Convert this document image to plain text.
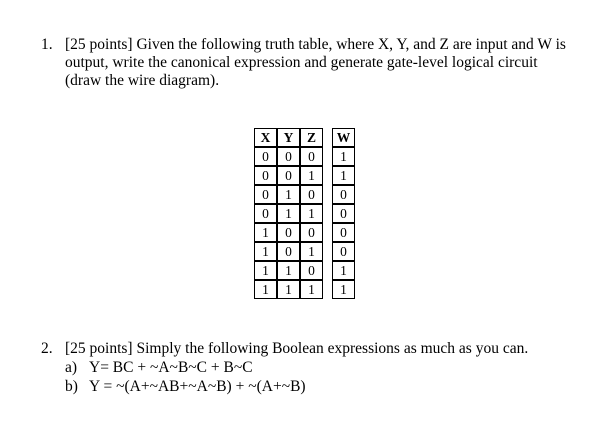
1. [25 points] Given the following truth table, where X, Y, and Z are input and W is
output, write the canonical expression and generate gate-level logical circuit
(draw the wire diagram).
X	Y	Z		W
0	0	0		1
0	0	1		1
0	1	0		0
0	1	1		0
1	0	0		0
1	0	1		0
1	1	0		1
1	1	1		1
2. [25 points] Simply the following Boolean expressions as much as you can.
a) Y= BC + ~A~B~C + B~C
b) Y = ~(A+~AB+~A~B) + ~(A+~B)
